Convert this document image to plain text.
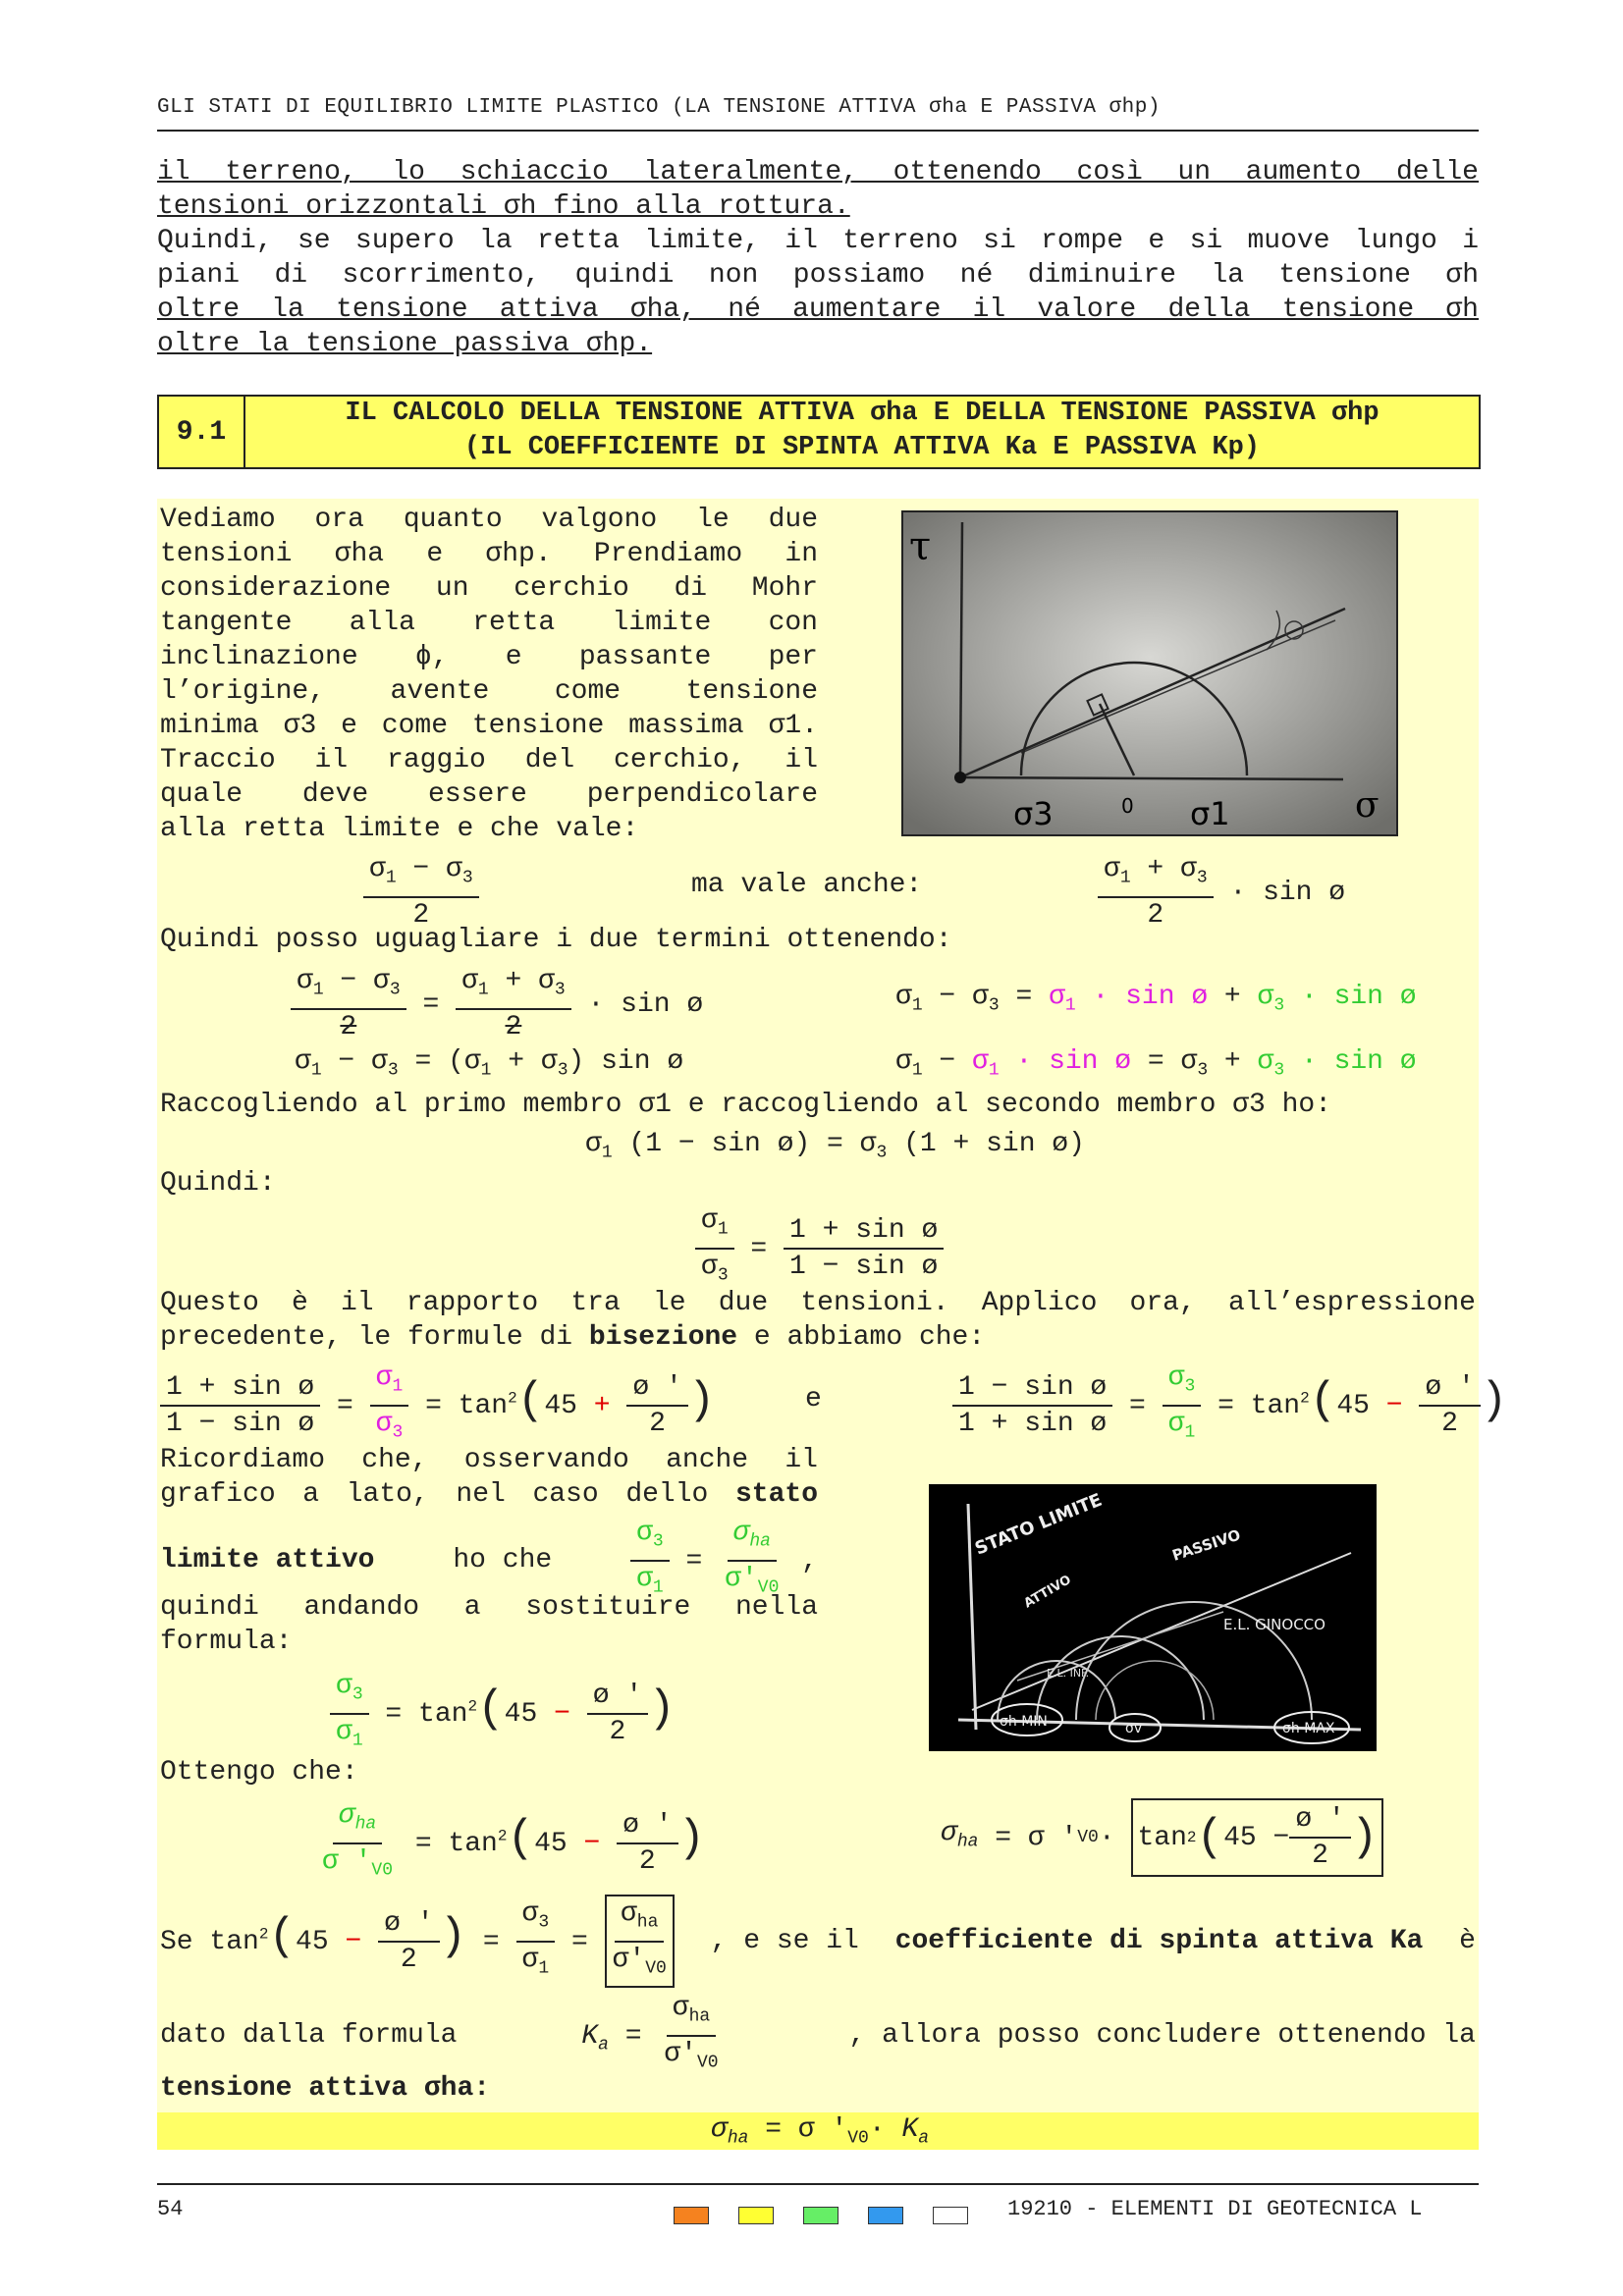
GLI STATI DI EQUILIBRIO LIMITE PLASTICO (LA TENSIONE ATTIVA σha E PASSIVA σhp)
il terreno, lo schiaccio lateralmente, ottenendo così un aumento delle
tensioni orizzontali σh fino alla rottura.
Quindi, se supero la retta limite, il terreno si rompe e si muove lungo i
piani di scorrimento, quindi non possiamo né diminuire la tensione σh
oltre la tensione attiva σha, né aumentare il valore della tensione σh
oltre la tensione passiva σhp.
9.1
IL CALCOLO DELLA TENSIONE ATTIVA σha E DELLA TENSIONE PASSIVA σhp
(IL COEFFICIENTE DI SPINTA ATTIVA Ka E PASSIVA Kp)
Vediamo ora quanto valgono le due
tensioni σha e σhp. Prendiamo in
considerazione un cerchio di Mohr
tangente alla retta limite con
inclinazione ϕ, e passante per
l’origine, avente come tensione
minima σ3 e come tensione massima σ1.
Traccio il raggio del cerchio, il
quale deve essere perpendicolare
alla retta limite e che vale:
τ
σ3	0 σ1	σ
$\frac{\sigma_1 - \sigma_3}{2}$	ma vale anche:	$\frac{\sigma_1 + \sigma_3}{2} \cdot \sin$ ø
Quindi posso uguagliare i due termini ottenendo:
$\frac{\sigma_1 - \sigma_3}{2} = \frac{\sigma_1 + \sigma_3}{2} \cdot \sin$ ø	$\sigma_1 - \sigma_3 = \sigma_1 \cdot \sin$ ø + $\sigma_3 \cdot \sin$ ø
$\sigma_1 - \sigma_3 = (\sigma_1 + \sigma_3)$ sin ø	$\sigma_1 - \sigma_1 \cdot \sin$ ø = $\sigma_3 + \sigma_3 \cdot \sin$ ø
Raccogliendo al primo membro σ1 e raccogliendo al secondo membro σ3 ho:
$\sigma_1$ (1 − sin ø) = $\sigma_3$ (1 + sin ø)
Quindi:
$\frac{\sigma_1}{\sigma_3} = \frac{\text{1 + sin ø}}{\text{1 − sin ø}}$
Questo è il rapporto tra le due tensioni. Applico ora, all’espressione
precedente, le formule di bisezione e abbiamo che:
$\frac{\text{1 + sin ø}}{\text{1 − sin ø}} = \frac{\sigma_1}{\sigma_3} = \tan^2(45 + \frac{ø '}{2}$ )	e	$\frac{\text{1 − sin ø}}{\text{1 + sin ø}} = \frac{\sigma_3}{\sigma_1} = \tan^2(45 - \frac{ø '}{2}$ )
Ricordiamo che, osservando anche il
grafico a lato, nel caso dello stato
limite attivo	ho che	$\frac{\sigma_3}{\sigma_1} = \frac{\sigma_{ha}}{\sigma'_{V0}}$ ,
quindi andando a sostituire nella
formula:
$\frac{\sigma_3}{\sigma_1} = \tan^2(45 - \frac{ø '}{2}$ )
STATO LIMITE	PASSIVO
ATTIVO
E.L. GINOCCO
E.L. INF.
σh MIN	σv	σh MAX
Ottengo che:
$\frac{\sigma_{ha}}{\sigma '_{V0}} = \tan^2(45 - \frac{ø '}{2}$ )	$\sigma_{ha} = \sigma$ ' V0 · tan 2 ( $45 - \frac{ø '}{2}$ )
Se $\tan^2(45 - \frac{ø '}{2}$ ) = $\frac{\sigma_3}{\sigma_1} = \frac{\sigma_{ha}}{\sigma'_{V0}}$ , e se il coefficiente di spinta attiva Ka è
dato dalla formula	$K_a = \frac{\sigma_{ha}}{\sigma'_{V0}}$	, allora posso concludere ottenendo la
tensione attiva σha:
$\sigma_{ha} = \sigma$ '$_{V0}\cdot K_a$
54	19210 - ELEMENTI DI GEOTECNICA L
